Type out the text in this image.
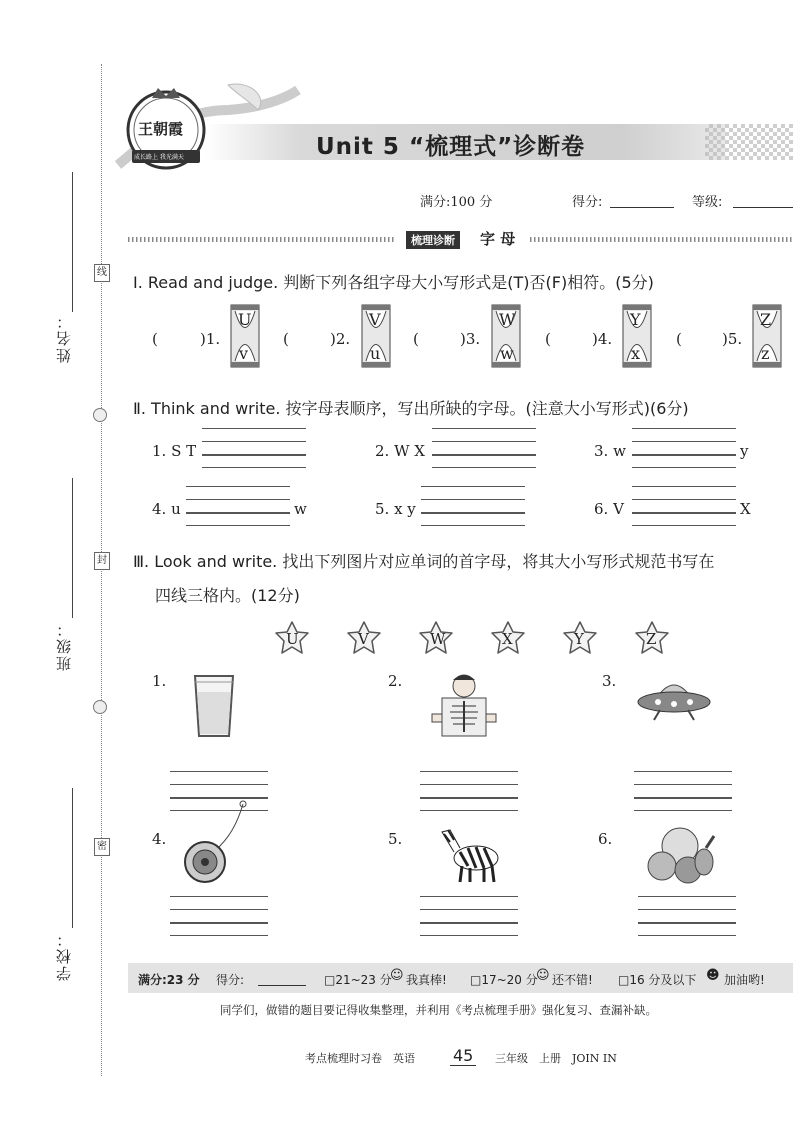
姓名：
线
班级：
封
学校：
密
王朝霞
成长路上 我光满天	Unit 5 “梳理式”诊断卷
满分:100 分	得分:	等级:
梳理诊断	字 母
Ⅰ. Read and judge. 判断下列各组字母大小写形式是(T)否(F)相符。(5分)
(	)1.
U
v
(	)2.
V
u
(	)3.
W
w
(	)4.
Y
x
(	)5.
Z
z
Ⅱ. Think and write. 按字母表顺序，写出所缺的字母。(注意大小写形式)(6分)
1. S T	2. W X	3. w	y
4. u	w	5. x y	6. V	X
Ⅲ. Look and write. 找出下列图片对应单词的首字母，将其大小写形式规范书写在
四线三格内。(12分)
U	V	W	X	Y	Z
1.	2.	3.
4.	5.	6.
满分:23 分 得分:	□21~23 分
☺ 我真棒! □17~20 分
☺ 还不错! □16 分及以下 ☻ 加油哟!
同学们，做错的题目要记得收集整理，并利用《考点梳理手册》强化复习、查漏补缺。
考点梳理时习卷　英语 45 三年级　上册　JOIN IN
